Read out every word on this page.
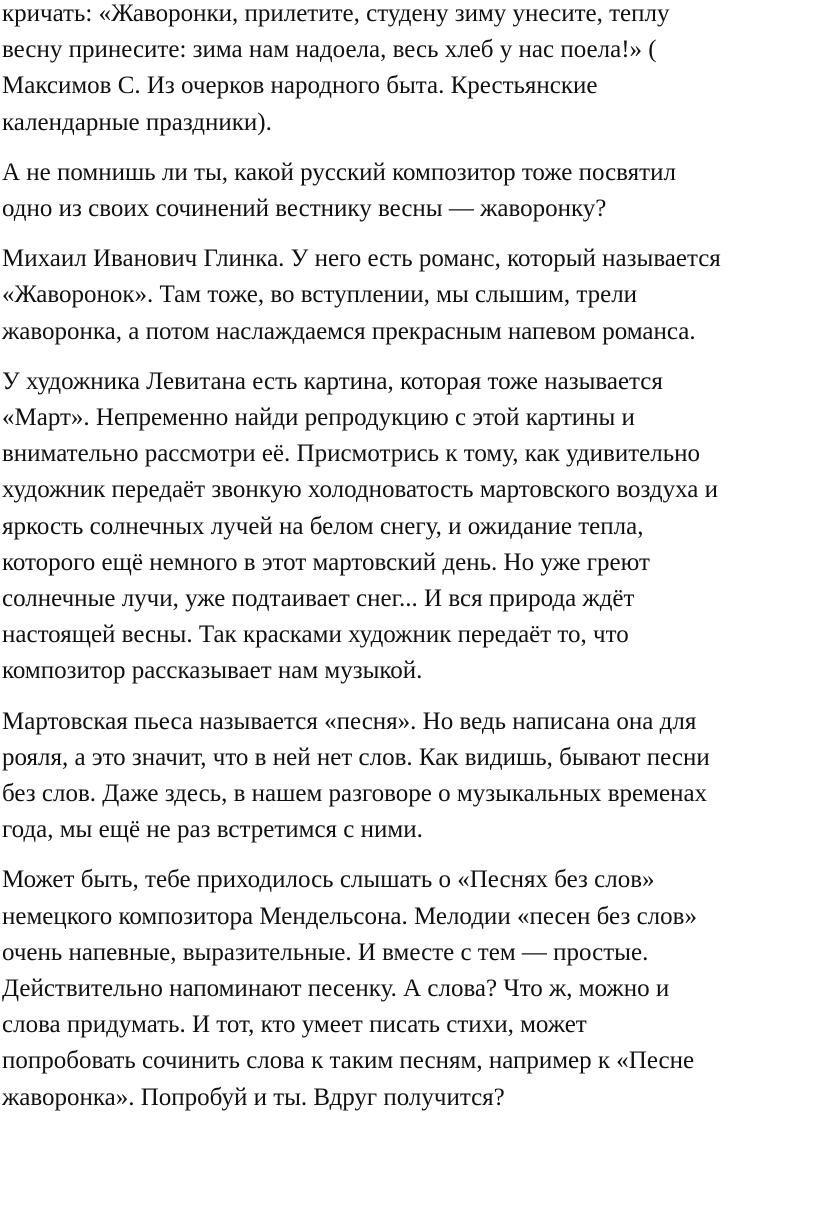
кричать: «Жаворонки, прилетите, студену зиму унесите, теплу
весну принесите: зима нам надоела, весь хлеб у нас поела!» (
Максимов С. Из очерков народного быта. Крестьянские
календарные праздники).

А не помнишь ли ты, какой русский композитор тоже посвятил
одно из своих сочинений вестнику весны — жаворонку?

Михаил Иванович Глинка. У него есть романс, который называется
«Жаворонок». Там тоже, во вступлении, мы слышим, трели
жаворонка, а потом наслаждаемся прекрасным напевом романса.

У художника Левитана есть картина, которая тоже называется
«Март». Непременно найди репродукцию с этой картины и
внимательно рассмотри её. Присмотрись к тому, как удивительно
художник передаёт звонкую холодноватость мартовского воздуха и
яркость солнечных лучей на белом снегу, и ожидание тепла,
которого ещё немного в этот мартовский день. Но уже греют
солнечные лучи, уже подтаивает снег... И вся природа ждёт
настоящей весны. Так красками художник передаёт то, что
композитор рассказывает нам музыкой.

Мартовская пьеса называется «песня». Но ведь написана она для
рояля, а это значит, что в ней нет слов. Как видишь, бывают песни
без слов. Даже здесь, в нашем разговоре о музыкальных временах
года, мы ещё не раз встретимся с ними.

Может быть, тебе приходилось слышать о «Песнях без слов»
немецкого композитора Мендельсона. Мелодии «песен без слов»
очень напевные, выразительные. И вместе с тем — простые.
Действительно напоминают песенку. А слова? Что ж, можно и
слова придумать. И тот, кто умеет писать стихи, может
попробовать сочинить слова к таким песням, например к «Песне
жаворонка». Попробуй и ты. Вдруг получится?
